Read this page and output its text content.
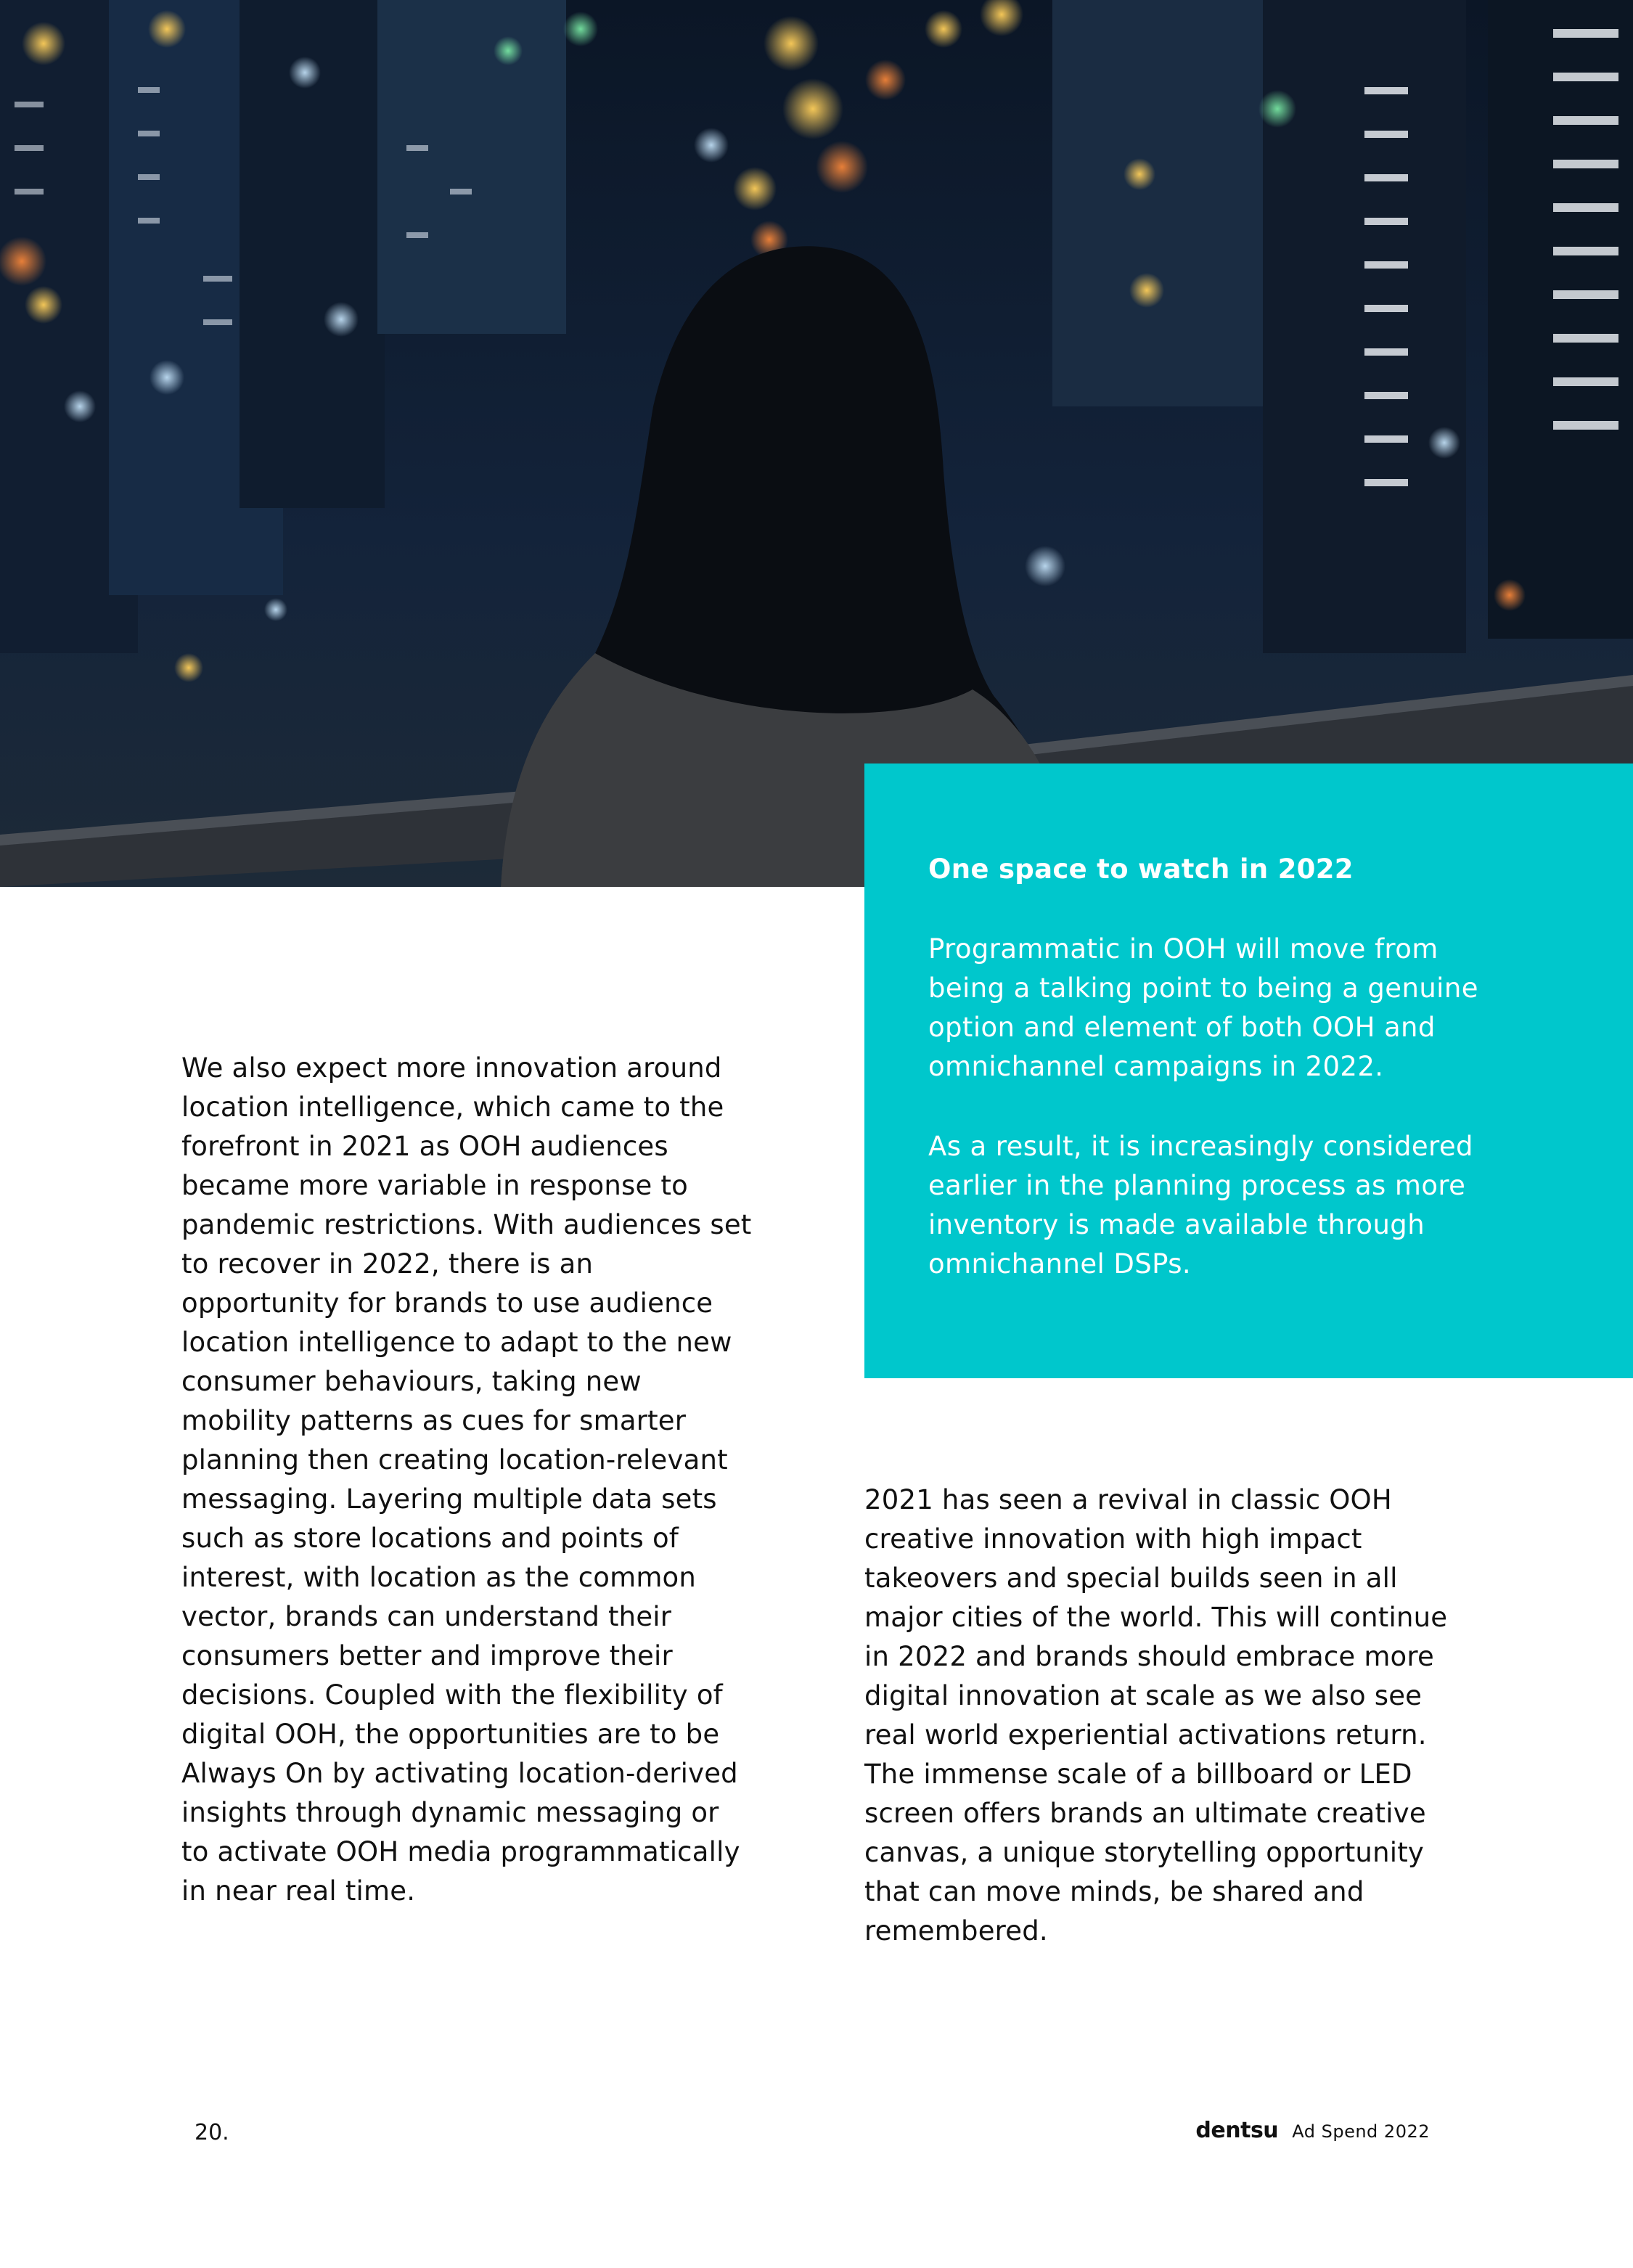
One space to watch in 2022

Programmatic in OOH will move from being a talking point to being a genuine option and element of both OOH and omnichannel campaigns in 2022.

As a result, it is increasingly considered earlier in the planning process as more inventory is made available through omnichannel DSPs.

We also expect more innovation around location intelligence, which came to the forefront in 2021 as OOH audiences became more variable in response to pandemic restrictions. With audiences set to recover in 2022, there is an opportunity for brands to use audience location intelligence to adapt to the new consumer behaviours, taking new mobility patterns as cues for smarter planning then creating location-relevant messaging. Layering multiple data sets such as store locations and points of interest, with location as the common vector, brands can understand their consumers better and improve their decisions. Coupled with the flexibility of digital OOH, the opportunities are to be Always On by activating location-derived insights through dynamic messaging or to activate OOH media programmatically in near real time.

2021 has seen a revival in classic OOH creative innovation with high impact takeovers and special builds seen in all major cities of the world. This will continue in 2022 and brands should embrace more digital innovation at scale as we also see real world experiential activations return. The immense scale of a billboard or LED screen offers brands an ultimate creative canvas, a unique storytelling opportunity that can move minds, be shared and remembered.

20.	dentsu Ad Spend 2022
